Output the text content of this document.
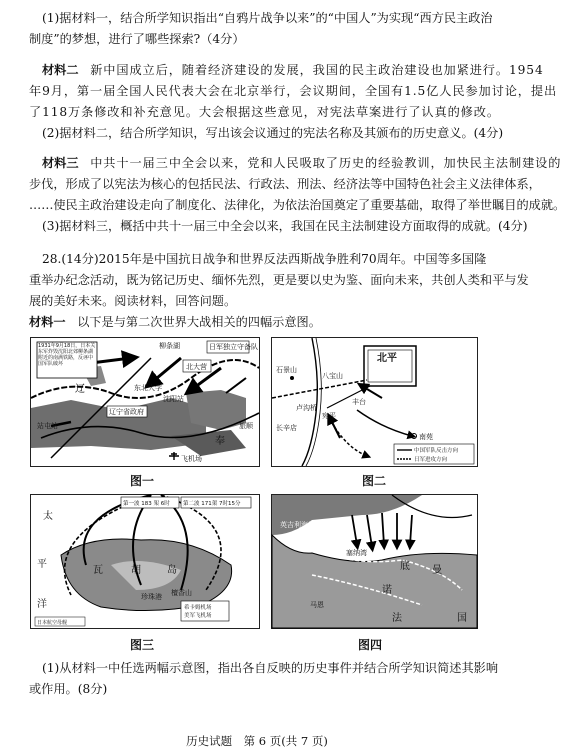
(1)据材料一，结合所学知识指出“自鸦片战争以来”的“中国人”为实现“西方民主政治
制度”的梦想，进行了哪些探索?（4分）
材料二 新中国成立后，随着经济建设的发展，我国的民主政治建设也加紧进行。1954
年9月，第一届全国人民代表大会在北京举行，会议期间，全国有1.5亿人民参加讨论，提出
了118万条修改和补充意见。大会根据这些意见，对宪法草案进行了认真的修改。
(2)据材料二，结合所学知识，写出该会议通过的宪法名称及其颁布的历史意义。(4分)
材料三 中共十一届三中全会以来，党和人民吸取了历史的经验教训，加快民主法制建设的
步伐，形成了以宪法为核心的包括民法、行政法、刑法、经济法等中国特色社会主义法律体系，
……使民主政治建设走向了制度化、法律化，为依法治国奠定了重要基础，取得了举世瞩目的成就。
(3)据材料三，概括中共十一届三中全会以来，我国在民主法制建设方面取得的成就。(4分)
28.(14分)2015年是中国抗日战争和世界反法西斯战争胜利70周年。中国等多国隆
重举办纪念活动，既为铭记历史、缅怀先烈，更是要以史为鉴、面向未来，共创人类和平与发
展的美好未来。阅读材料，回答问题。
材料一 以下是与第二次世界大战相关的四幅示意图。
1931年9月18日，日本关东军炸毁沈阳北郊柳条湖附近的南满铁路，反诬中国军队破坏
日军独立守备队
柳条湖
北大营
东北大学
辽
沈阳站
站屯站
辽宁省政府
奉
旅顺
飞机场
图一
北平
石景山
八宝山
卢沟桥
丰台
长辛店
宛平
南苑
中国军队反击方向
日军进攻方向
图二
第一波 183 架 6时 第二波 171架 7时15分
太
平
洋
瓦	胡	岛
檀香山
珍珠港
希卡姆机场
美军飞机场
日本航空母舰
图三
英吉利海峡
塞纳湾
底 曼
诺
法	国
马恩
图四
(1)从材料一中任选两幅示意图，指出各自反映的历史事件并结合所学知识简述其影响
或作用。(8分)
历史试题　第 6 页(共 7 页)
